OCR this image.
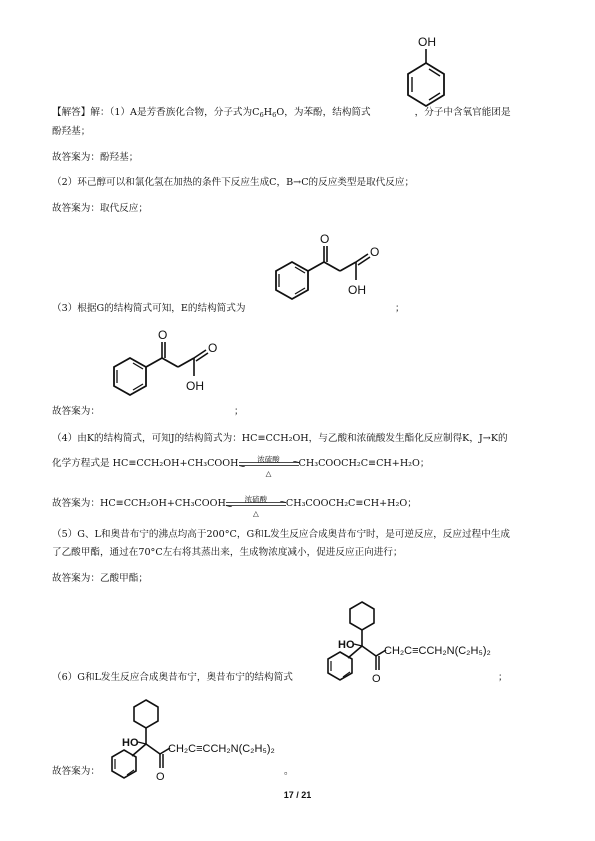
OH
【解答】解：（1）A是芳香族化合物，分子式为$C_6H_6O$，为苯酚，结构简式	，分子中含氧官能团是
酚羟基；
故答案为：酚羟基；
（2）环己醇可以和氯化氢在加热的条件下反应生成C，B→C的反应类型是取代反应；
故答案为：取代反应；
O
O
OH
（3）根据G的结构简式可知，E的结构简式为	；
O
O
OH
故答案为：	；
（4）由K的结构简式，可知J的结构简式为：HC≡CCH₂OH，与乙酸和浓硫酸发生酯化反应制得K，J→K的
化学方程式是 HC≡CCH₂OH+CH₃COOH	浓硫酸
△
CH₃COOCH₂C≡CH+H₂O；
故答案为：HC≡CCH₂OH+CH₃COOH	浓硫酸
△
CH₃COOCH₂C≡CH+H₂O；
（5）G、L和奥昔布宁的沸点均高于200°C，G和L发生反应合成奥昔布宁时，是可逆反应，反应过程中生成
了乙酸甲酯，通过在70°C左右将其蒸出来，生成物浓度减小，促进反应正向进行；
故答案为：乙酸甲酯；
HO
O
CH₂C≡CCH₂N(C₂H₅)₂
（6）G和L发生反应合成奥昔布宁，奥昔布宁的结构简式	；
HO
O
CH₂C≡CCH₂N(C₂H₅)₂
故答案为：	。
17 / 21
